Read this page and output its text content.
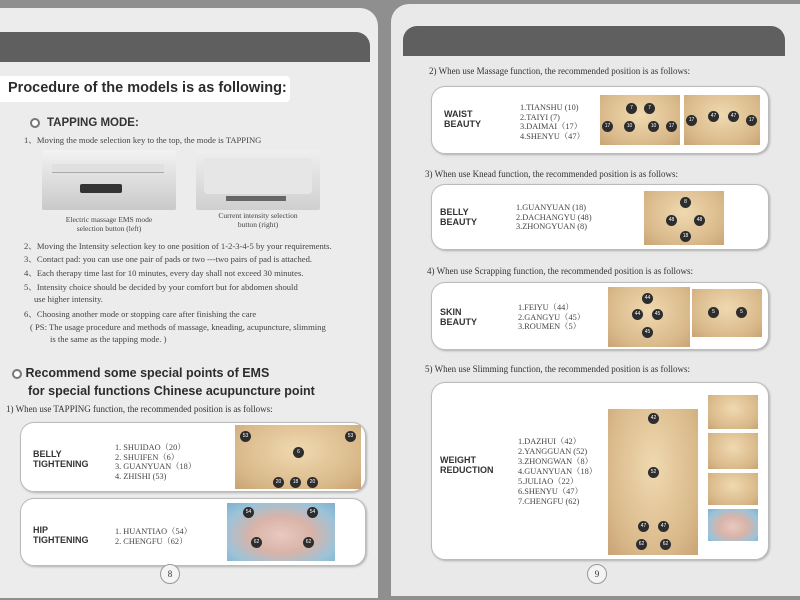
Procedure of the models is as following:
TAPPING MODE:
1、Moving the mode selection key to the top, the mode is TAPPING
Electric massage EMS mode
selection button (left)
Current intensity selection
button (right)
2、Moving the Intensity selection key to one position of 1-2-3-4-5 by your requirements.
3、Contact pad: you can use one pair of pads or two ---two pairs of pad is attached.
4、Each therapy time last for 10 minutes, every day shall not exceed 30 minutes.
5、Intensity choice should be decided by your comfort but for abdomen should
use higher intensity.
6、Choosing another mode or stopping care after finishing the care
( PS: The usage procedure and methods of massage, kneading, acupuncture, slimming
is the same as the tapping mode. )
Recommend some special points of EMS
for special functions Chinese acupuncture point
1) When use TAPPING function, the recommended position is as follows:
BELLY
TIGHTENING
1. SHUIDAO（20）
2. SHUIFEN（6）
3. GUANYUAN（18）
4. ZHISHI (53)
53	53
6
20	18	20
HIP
TIGHTENING
1. HUANTIAO（54）
2. CHENGFU（62）
54	54
62	62
8
2) When use Massage function, the recommended position is as follows:
WAIST
BEAUTY
1.TIANSHU (10)
2.TAIYI (7)
3.DAIMAI（17）
4.SHENYU（47）
7	7
17	10	10	17
17
47	47
17
3) When use Knead function, the recommended position is as follows:
BELLY
BEAUTY
1.GUANYUAN (18)
2.DACHANGYU (48)
3.ZHONGYUAN (8)
8
48	48
18
4) When use Scrapping function, the recommended position is as follows:
SKIN
BEAUTY
1.FEIYU（44）
2.GANGYU（45）
3.ROUMEN（5）
44
44	45
45
5	5
5) When use Slimming function, the recommended position is as follows:
WEIGHT
REDUCTION
1.DAZHUI（42）
2.YANGGUAN (52)
3.ZHONGWAN（8）
4.GUANYUAN（18）
5.JULIAO（22）
6.SHENYU（47）
7.CHENGFU (62)
42
52
47	47
62	62
9
